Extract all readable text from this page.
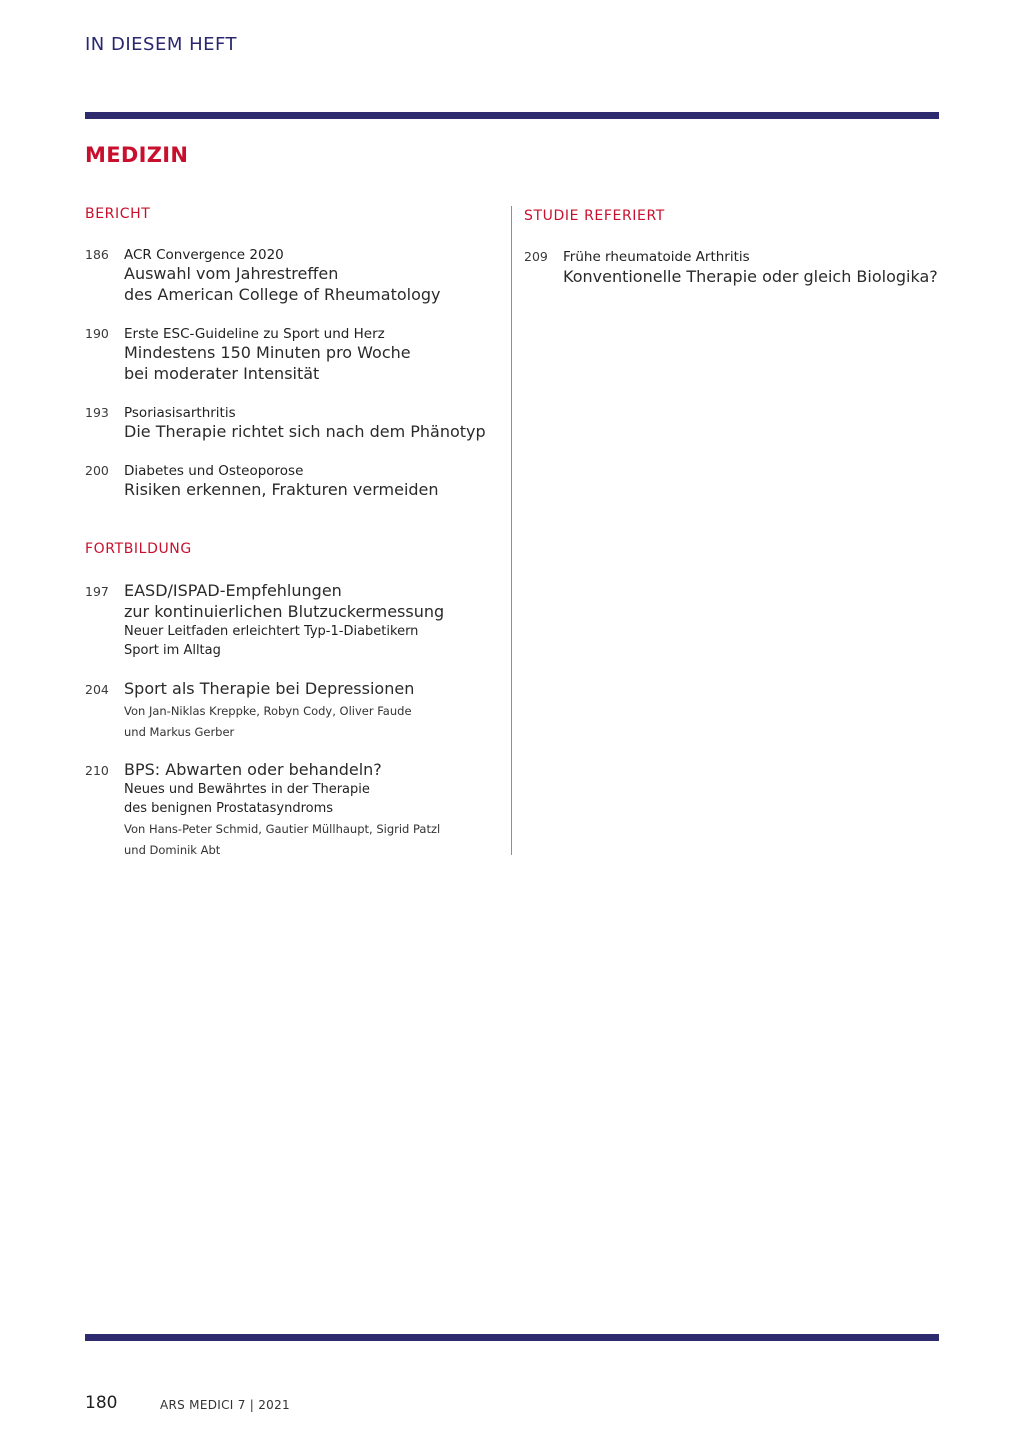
IN DIESEM HEFT
MEDIZIN
BERICHT
186 ACR Convergence 2020
Auswahl vom Jahrestreffen
des American College of Rheumatology
190 Erste ESC-Guideline zu Sport und Herz
Mindestens 150 Minuten pro Woche
bei moderater Intensität
193 Psoriasisarthritis
Die Therapie richtet sich nach dem Phänotyp
200 Diabetes und Osteoporose
Risiken erkennen, Frakturen vermeiden
FORTBILDUNG
197 EASD/ISPAD-Empfehlungen
zur kontinuierlichen Blutzuckermessung
Neuer Leitfaden erleichtert Typ-1-Diabetikern
Sport im Alltag
204 Sport als Therapie bei Depressionen
Von Jan-Niklas Kreppke, Robyn Cody, Oliver Faude
und Markus Gerber
210 BPS: Abwarten oder behandeln?
Neues und Bewährtes in der Therapie
des benignen Prostatasyndroms
Von Hans-Peter Schmid, Gautier Müllhaupt, Sigrid Patzl
und Dominik Abt
STUDIE REFERIERT
209 Frühe rheumatoide Arthritis
Konventionelle Therapie oder gleich Biologika?
180	ARS MEDICI 7 | 2021
